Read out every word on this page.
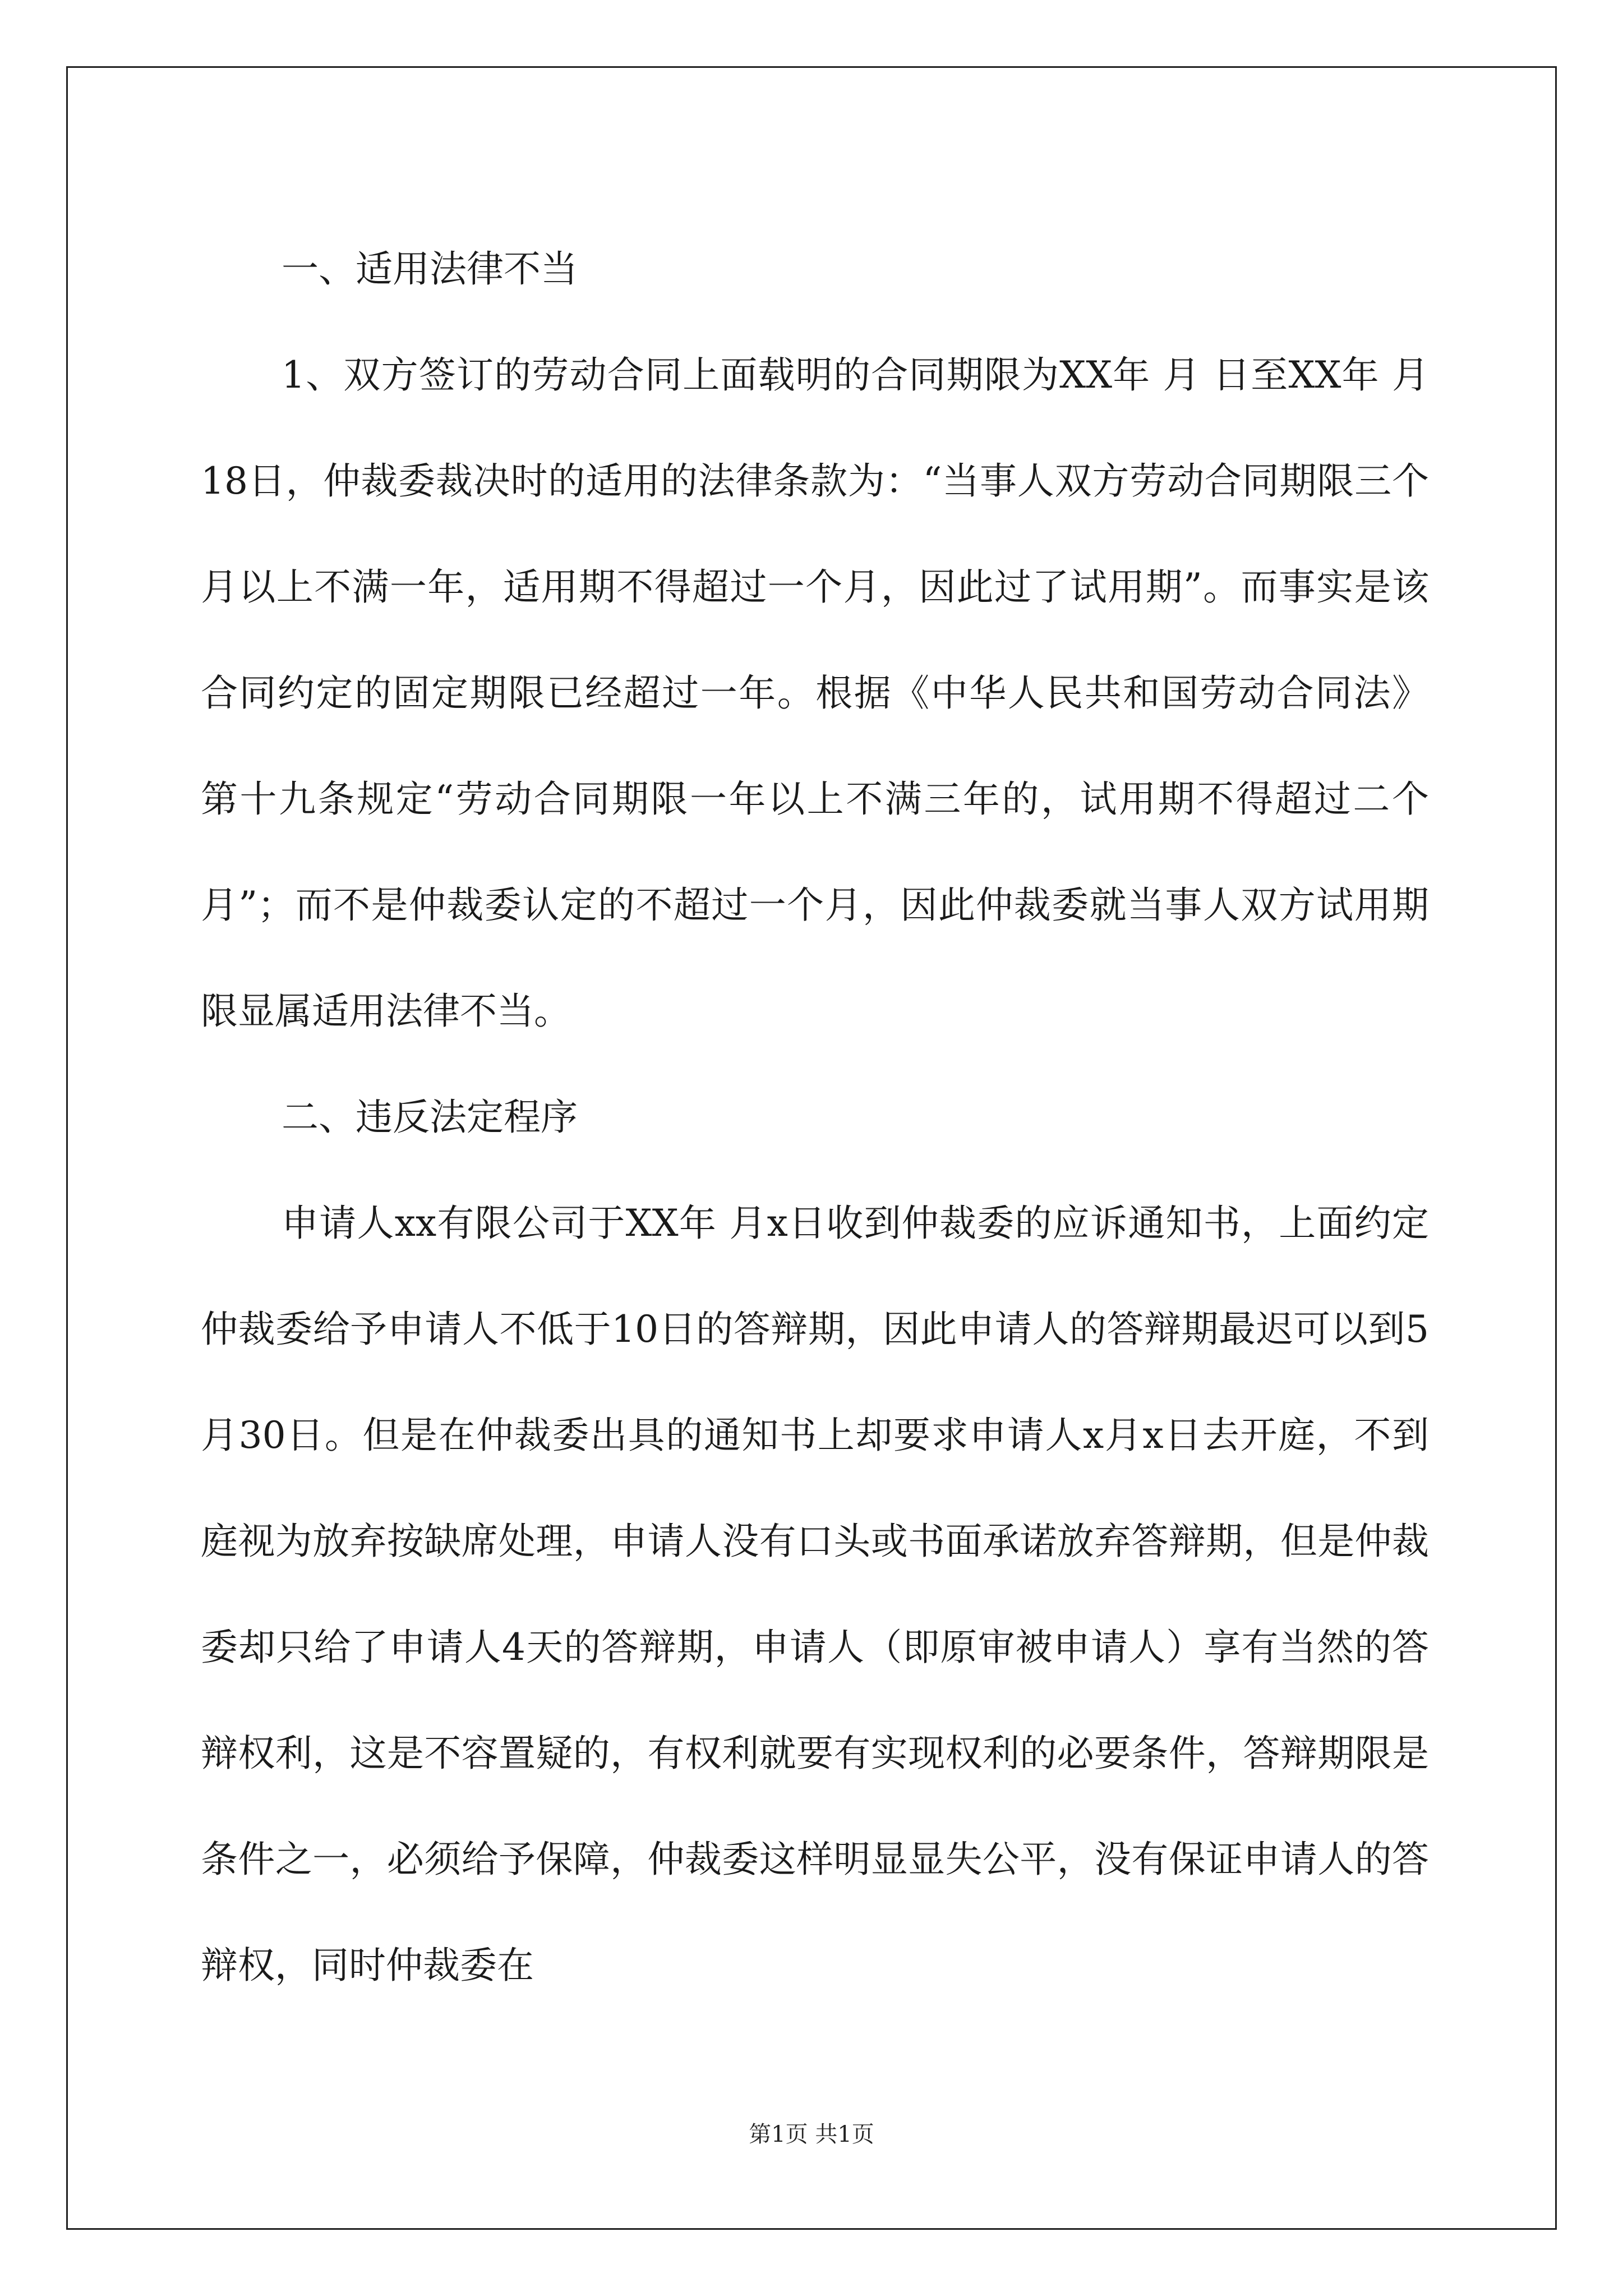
一、适用法律不当

1、双方签订的劳动合同上面载明的合同期限为XX年 月 日至XX年 月18日，仲裁委裁决时的适用的法律条款为：“当事人双方劳动合同期限三个月以上不满一年，适用期不得超过一个月，因此过了试用期”。而事实是该合同约定的固定期限已经超过一年。根据《中华人民共和国劳动合同法》 第十九条规定“劳动合同期限一年以上不满三年的，试用期不得超过二个月”；而不是仲裁委认定的不超过一个月，因此仲裁委就当事人双方试用期限显属适用法律不当。

二、违反法定程序

申请人xx有限公司于XX年 月x日收到仲裁委的应诉通知书，上面约定仲裁委给予申请人不低于10日的答辩期，因此申请人的答辩期最迟可以到5月30日。但是在仲裁委出具的通知书上却要求申请人x月x日去开庭，不到庭视为放弃按缺席处理，申请人没有口头或书面承诺放弃答辩期，但是仲裁委却只给了申请人4天的答辩期，申请人（即原审被申请人）享有当然的答辩权利，这是不容置疑的，有权利就要有实现权利的必要条件，答辩期限是条件之一，必须给予保障，仲裁委这样明显显失公平，没有保证申请人的答辩权，同时仲裁委在

第1页 共1页
